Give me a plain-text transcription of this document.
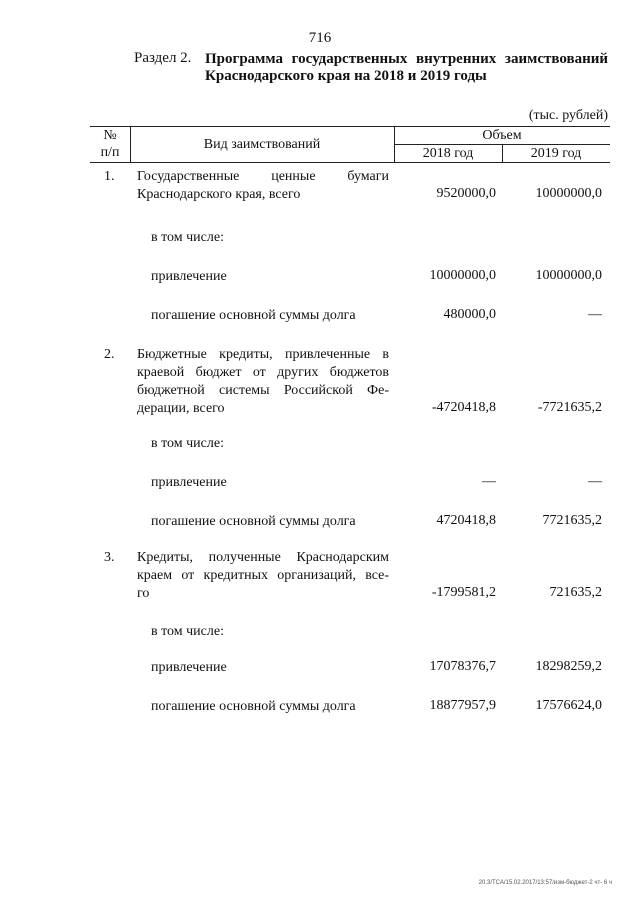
716
Раздел 2. Программа государственных внутренних заимствований
Краснодарского края на 2018 и 2019 годы
(тыс. рублей)
№
п/п
Вид заимствований
Объем
2018 год	2019 год
1. Государственные ценные бумаги
Краснодарского края, всего	9520000,0	10000000,0
в том числе:
привлечение	10000000,0	10000000,0
погашение основной суммы долга	480000,0	—
2. Бюджетные кредиты, привлеченные в
краевой бюджет от других бюджетов
бюджетной системы Российской Фе-
дерации, всего	-4720418,8	-7721635,2
в том числе:
привлечение	—	—
погашение основной суммы долга	4720418,8	7721635,2
3. Кредиты, полученные Краснодарским
краем от кредитных организаций, все-
го	-1799581,2	721635,2
в том числе:
привлечение	17078376,7	18298259,2
погашение основной суммы долга	18877957,9	17576624,0
20.3/ТСА/15.02.2017/13:57/изм-бюджет-2 чт- 6 ч
